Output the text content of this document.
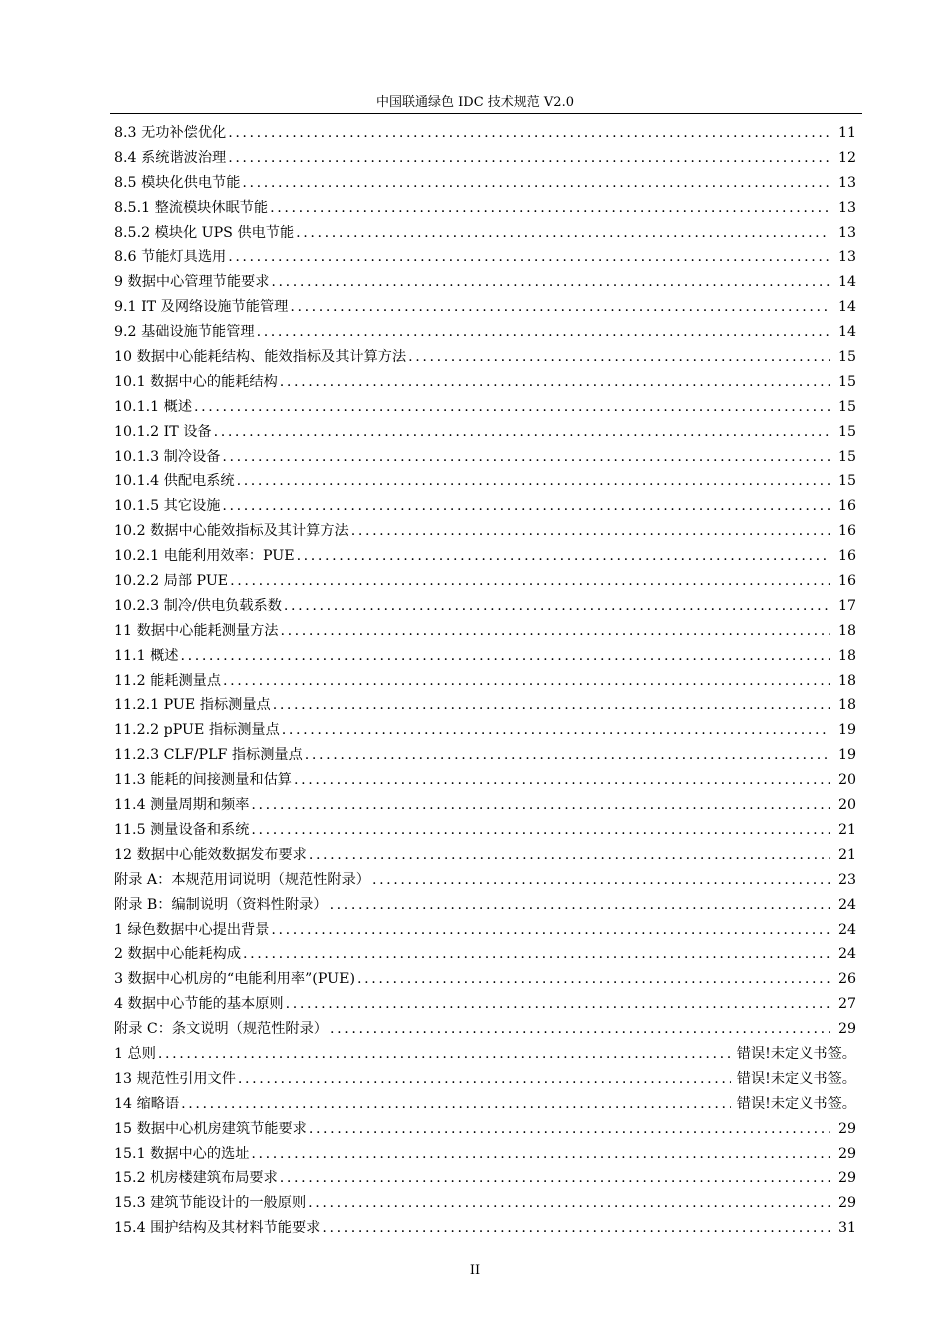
中国联通绿色 IDC 技术规范 V2.0
8.3 无功补偿优化 .....	11
8.4 系统谐波治理 .....	12
8.5 模块化供电节能 .....	13
8.5.1 整流模块休眠节能 .....	13
8.5.2 模块化 UPS 供电节能 .....	13
8.6 节能灯具选用 .....	13
9 数据中心管理节能要求 .....	14
9.1 IT 及网络设施节能管理 .....	14
9.2 基础设施节能管理 .....	14
10 数据中心能耗结构、能效指标及其计算方法 .....	15
10.1 数据中心的能耗结构 .....	15
10.1.1 概述 .....	15
10.1.2 IT 设备 .....	15
10.1.3 制冷设备 .....	15
10.1.4 供配电系统 .....	15
10.1.5 其它设施 .....	16
10.2 数据中心能效指标及其计算方法 .....	16
10.2.1 电能利用效率：PUE .....	16
10.2.2 局部 PUE .....	16
10.2.3 制冷/供电负载系数 .....	17
11 数据中心能耗测量方法 .....	18
11.1 概述 .....	18
11.2 能耗测量点 .....	18
11.2.1 PUE 指标测量点 .....	18
11.2.2 pPUE 指标测量点 .....	19
11.2.3 CLF/PLF 指标测量点 .....	19
11.3 能耗的间接测量和估算 .....	20
11.4 测量周期和频率 .....	20
11.5 测量设备和系统 .....	21
12 数据中心能效数据发布要求 .....	21
附录 A：本规范用词说明（规范性附录） .....	23
附录 B：编制说明（资料性附录） .....	24
1 绿色数据中心提出背景 .....	24
2 数据中心能耗构成 .....	24
3 数据中心机房的“电能利用率”(PUE) .....	26
4 数据中心节能的基本原则 .....	27
附录 C：条文说明（规范性附录） .....	29
1 总则 .....	错误!未定义书签。
13 规范性引用文件 .....	错误!未定义书签。
14 缩略语 .....	错误!未定义书签。
15 数据中心机房建筑节能要求 .....	29
15.1 数据中心的选址 .....	29
15.2 机房楼建筑布局要求 .....	29
15.3 建筑节能设计的一般原则 .....	29
15.4 围护结构及其材料节能要求 .....	31
II
